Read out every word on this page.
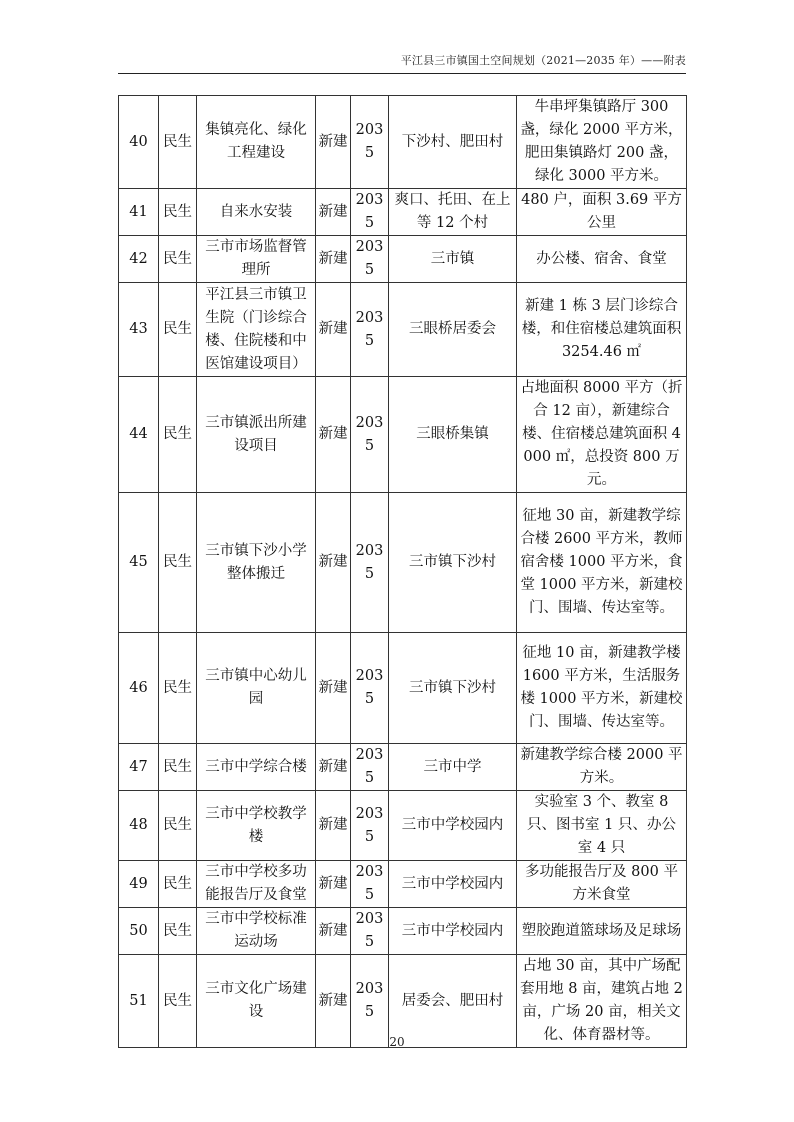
平江县三市镇国土空间规划（2021—2035 年）——附表
40	民生	集镇亮化、绿化工程建设	新建	2035	下沙村、肥田村	牛串坪集镇路厅 300 盏，绿化 2000 平方米，肥田集镇路灯 200 盏，绿化 3000 平方米。
41	民生	自来水安装	新建	2035	爽口、托田、在上等 12 个村	480 户，面积 3.69 平方公里
42	民生	三市市场监督管理所	新建	2035	三市镇	办公楼、宿舍、食堂
43	民生	平江县三市镇卫生院（门诊综合楼、住院楼和中医馆建设项目）	新建	2035	三眼桥居委会	新建 1 栋 3 层门诊综合楼，和住宿楼总建筑面积 3254.46 ㎡
44	民生	三市镇派出所建设项目	新建	2035	三眼桥集镇	占地面积 8000 平方（折合 12 亩），新建综合楼、住宿楼总建筑面积 4000 ㎡，总投资 800 万元。
45	民生	三市镇下沙小学整体搬迁	新建	2035	三市镇下沙村	征地 30 亩，新建教学综合楼 2600 平方米，教师宿舍楼 1000 平方米，食堂 1000 平方米，新建校门、围墙、传达室等。
46	民生	三市镇中心幼儿园	新建	2035	三市镇下沙村	征地 10 亩，新建教学楼 1600 平方米，生活服务楼 1000 平方米，新建校门、围墙、传达室等。
47	民生	三市中学综合楼	新建	2035	三市中学	新建教学综合楼 2000 平方米。
48	民生	三市中学校教学楼	新建	2035	三市中学校园内	实验室 3 个、教室 8 只、图书室 1 只、办公室 4 只
49	民生	三市中学校多功能报告厅及食堂	新建	2035	三市中学校园内	多功能报告厅及 800 平方米食堂
50	民生	三市中学校标准运动场	新建	2035	三市中学校园内	塑胶跑道篮球场及足球场
51	民生	三市文化广场建设	新建	2035	居委会、肥田村	占地 30 亩，其中广场配套用地 8 亩，建筑占地 2 亩，广场 20 亩，相关文化、体育器材等。
20
